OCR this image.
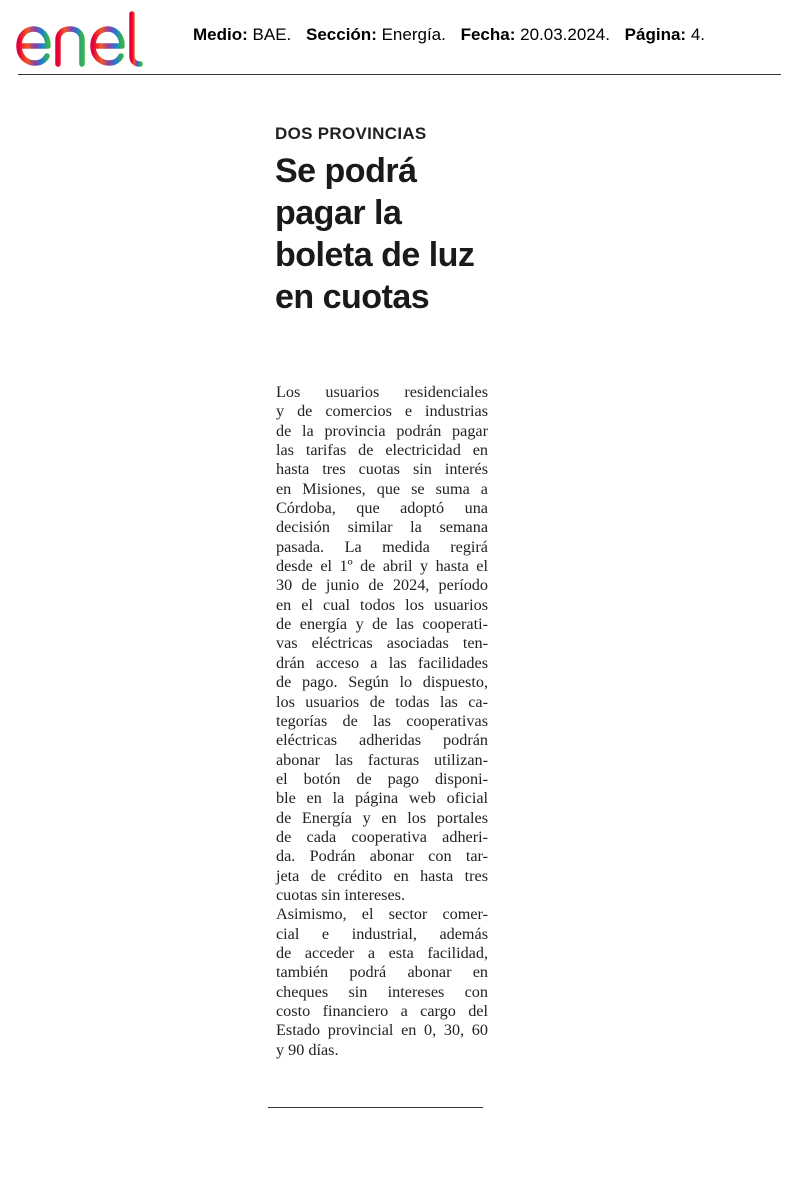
Medio: BAE. Sección: Energía. Fecha: 20.03.2024. Página: 4.
DOS PROVINCIAS
Se podrá
pagar la
boleta de luz
en cuotas
Los usuarios residenciales
y de comercios e industrias
de la provincia podrán pagar
las tarifas de electricidad en
hasta tres cuotas sin interés
en Misiones, que se suma a
Córdoba, que adoptó una
decisión similar la semana
pasada. La medida regirá
desde el 1º de abril y hasta el
30 de junio de 2024, período
en el cual todos los usuarios
de energía y de las cooperati-
vas eléctricas asociadas ten-
drán acceso a las facilidades
de pago. Según lo dispuesto,
los usuarios de todas las ca-
tegorías de las cooperativas
eléctricas adheridas podrán
abonar las facturas utilizan-
el botón de pago disponi-
ble en la página web oficial
de Energía y en los portales
de cada cooperativa adheri-
da. Podrán abonar con tar-
jeta de crédito en hasta tres
cuotas sin intereses.
Asimismo, el sector comer-
cial e industrial, además
de acceder a esta facilidad,
también podrá abonar en
cheques sin intereses con
costo financiero a cargo del
Estado provincial en 0, 30, 60
y 90 días.
